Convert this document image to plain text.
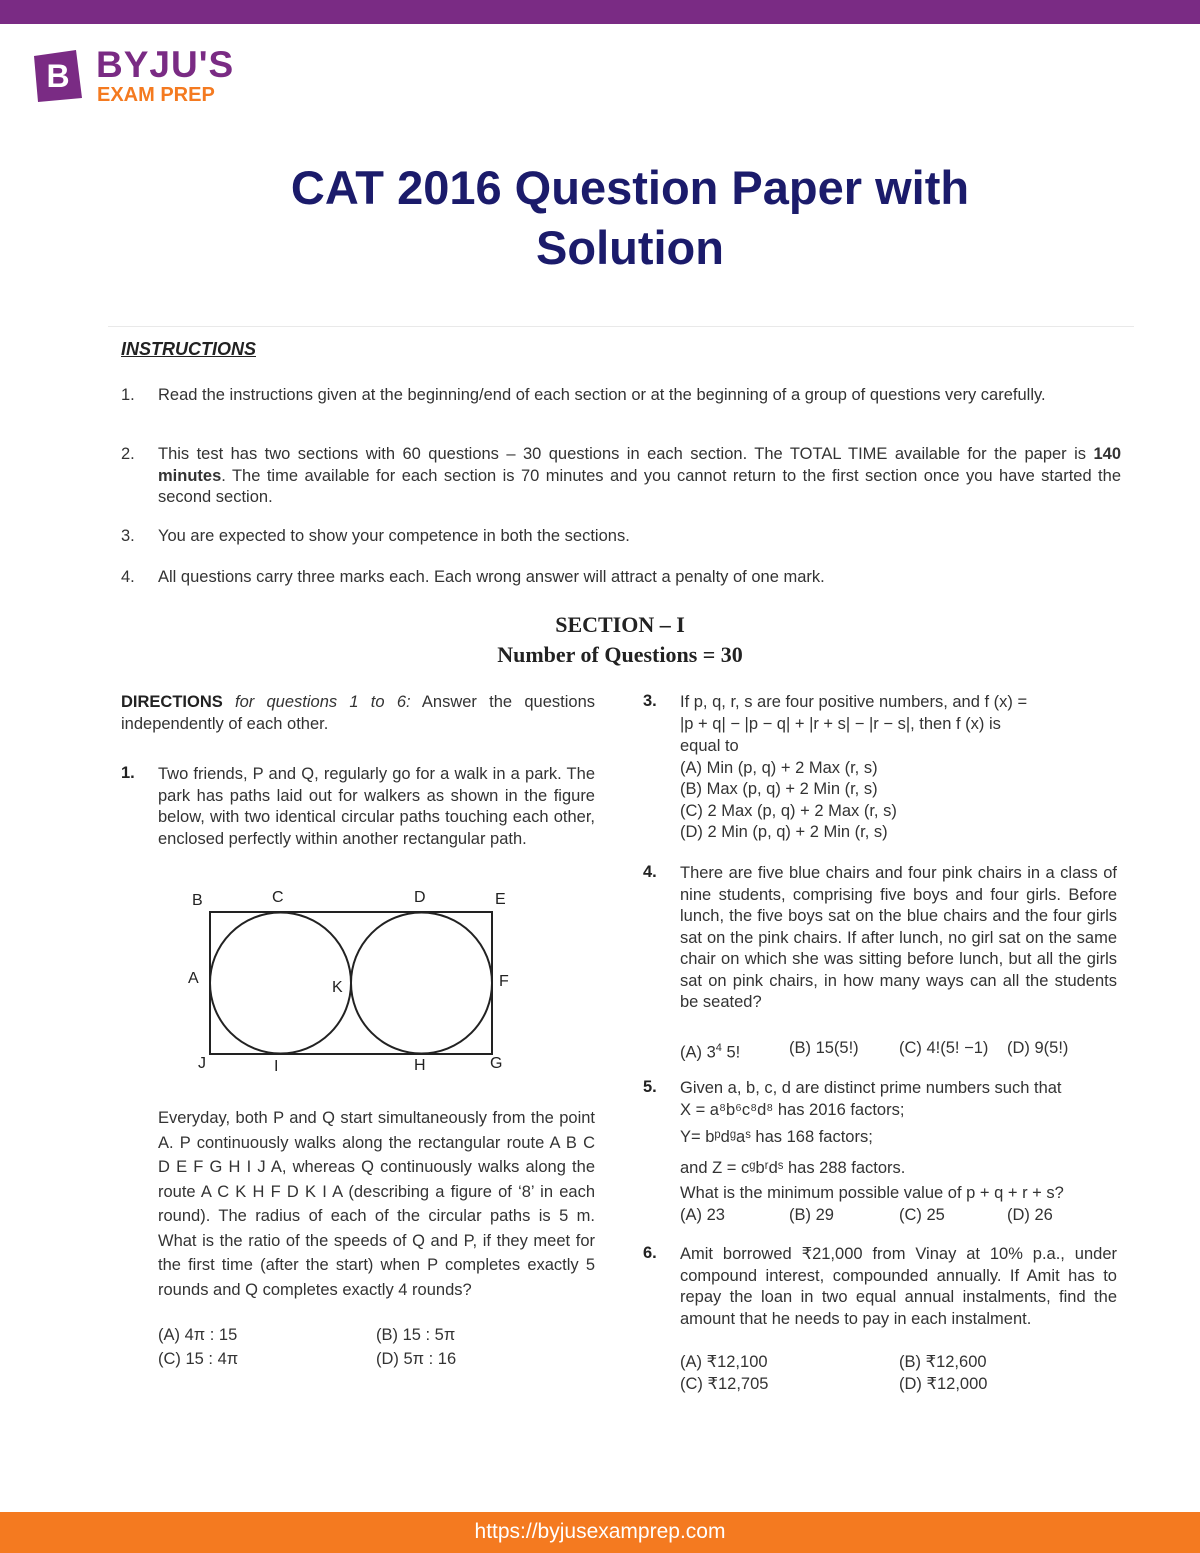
B BYJU'S
EXAM PREP
CAT 2016 Question Paper with
Solution
INSTRUCTIONS
1. Read the instructions given at the beginning/end of each section or at the beginning of a group of questions very carefully.
2. This test has two sections with 60 questions – 30 questions in each section. The TOTAL TIME available for the paper is 140 minutes. The time available for each section is 70 minutes and you cannot return to the first section once you have started the second section.
3. You are expected to show your competence in both the sections.
4. All questions carry three marks each. Each wrong answer will attract a penalty of one mark.
SECTION – I
Number of Questions = 30
DIRECTIONS for questions 1 to 6: Answer the questions independently of each other.
1. Two friends, P and Q, regularly go for a walk in a park. The park has paths laid out for walkers as shown in the figure below, with two identical circular paths touching each other, enclosed perfectly within another rectangular path.
B	C	D	E
A
K	F
J	I	H	G
Everyday, both P and Q start simultaneously from the point A. P continuously walks along the rectangular route A B C D E F G H I J A, whereas Q continuously walks along the route A C K H F D K I A (describing a figure of ‘8’ in each round). The radius of each of the circular paths is 5 m. What is the ratio of the speeds of Q and P, if they meet for the first time (after the start) when P completes exactly 5 rounds and Q completes exactly 4 rounds?
(A) 4π : 15	(B) 15 : 5π
(C) 15 : 4π	(D) 5π : 16
3. If p, q, r, s are four positive numbers, and f (x) =
|p + q| − |p − q| + |r + s| − |r − s|, then f (x) is
equal to
(A) Min (p, q) + 2 Max (r, s)
(B) Max (p, q) + 2 Min (r, s)
(C) 2 Max (p, q) + 2 Max (r, s)
(D) 2 Min (p, q) + 2 Min (r, s)
4. There are five blue chairs and four pink chairs in a class of nine students, comprising five boys and four girls. Before lunch, the five boys sat on the blue chairs and the four girls sat on the pink chairs. If after lunch, no girl sat on the same chair on which she was sitting before lunch, but all the girls sat on pink chairs, in how many ways can all the students be seated?
(A) $3^4$ 5!	(B) 15(5!) (C) 4!(5! −1) (D) 9(5!)
5. Given a, b, c, d are distinct prime numbers such that
X = a⁸b⁶c⁸d⁸ has 2016 factors;
Y= bᵖdᵍaˢ has 168 factors;
and Z = cᵍbʳdˢ has 288 factors.
What is the minimum possible value of p + q + r + s?
(A) 23	(B) 29	(C) 25	(D) 26
6. Amit borrowed ₹21,000 from Vinay at 10% p.a., under compound interest, compounded annually. If Amit has to repay the loan in two equal annual instalments, find the amount that he needs to pay in each instalment.
(A) ₹12,100	(B) ₹12,600
(C) ₹12,705	(D) ₹12,000
https://byjusexamprep.com
